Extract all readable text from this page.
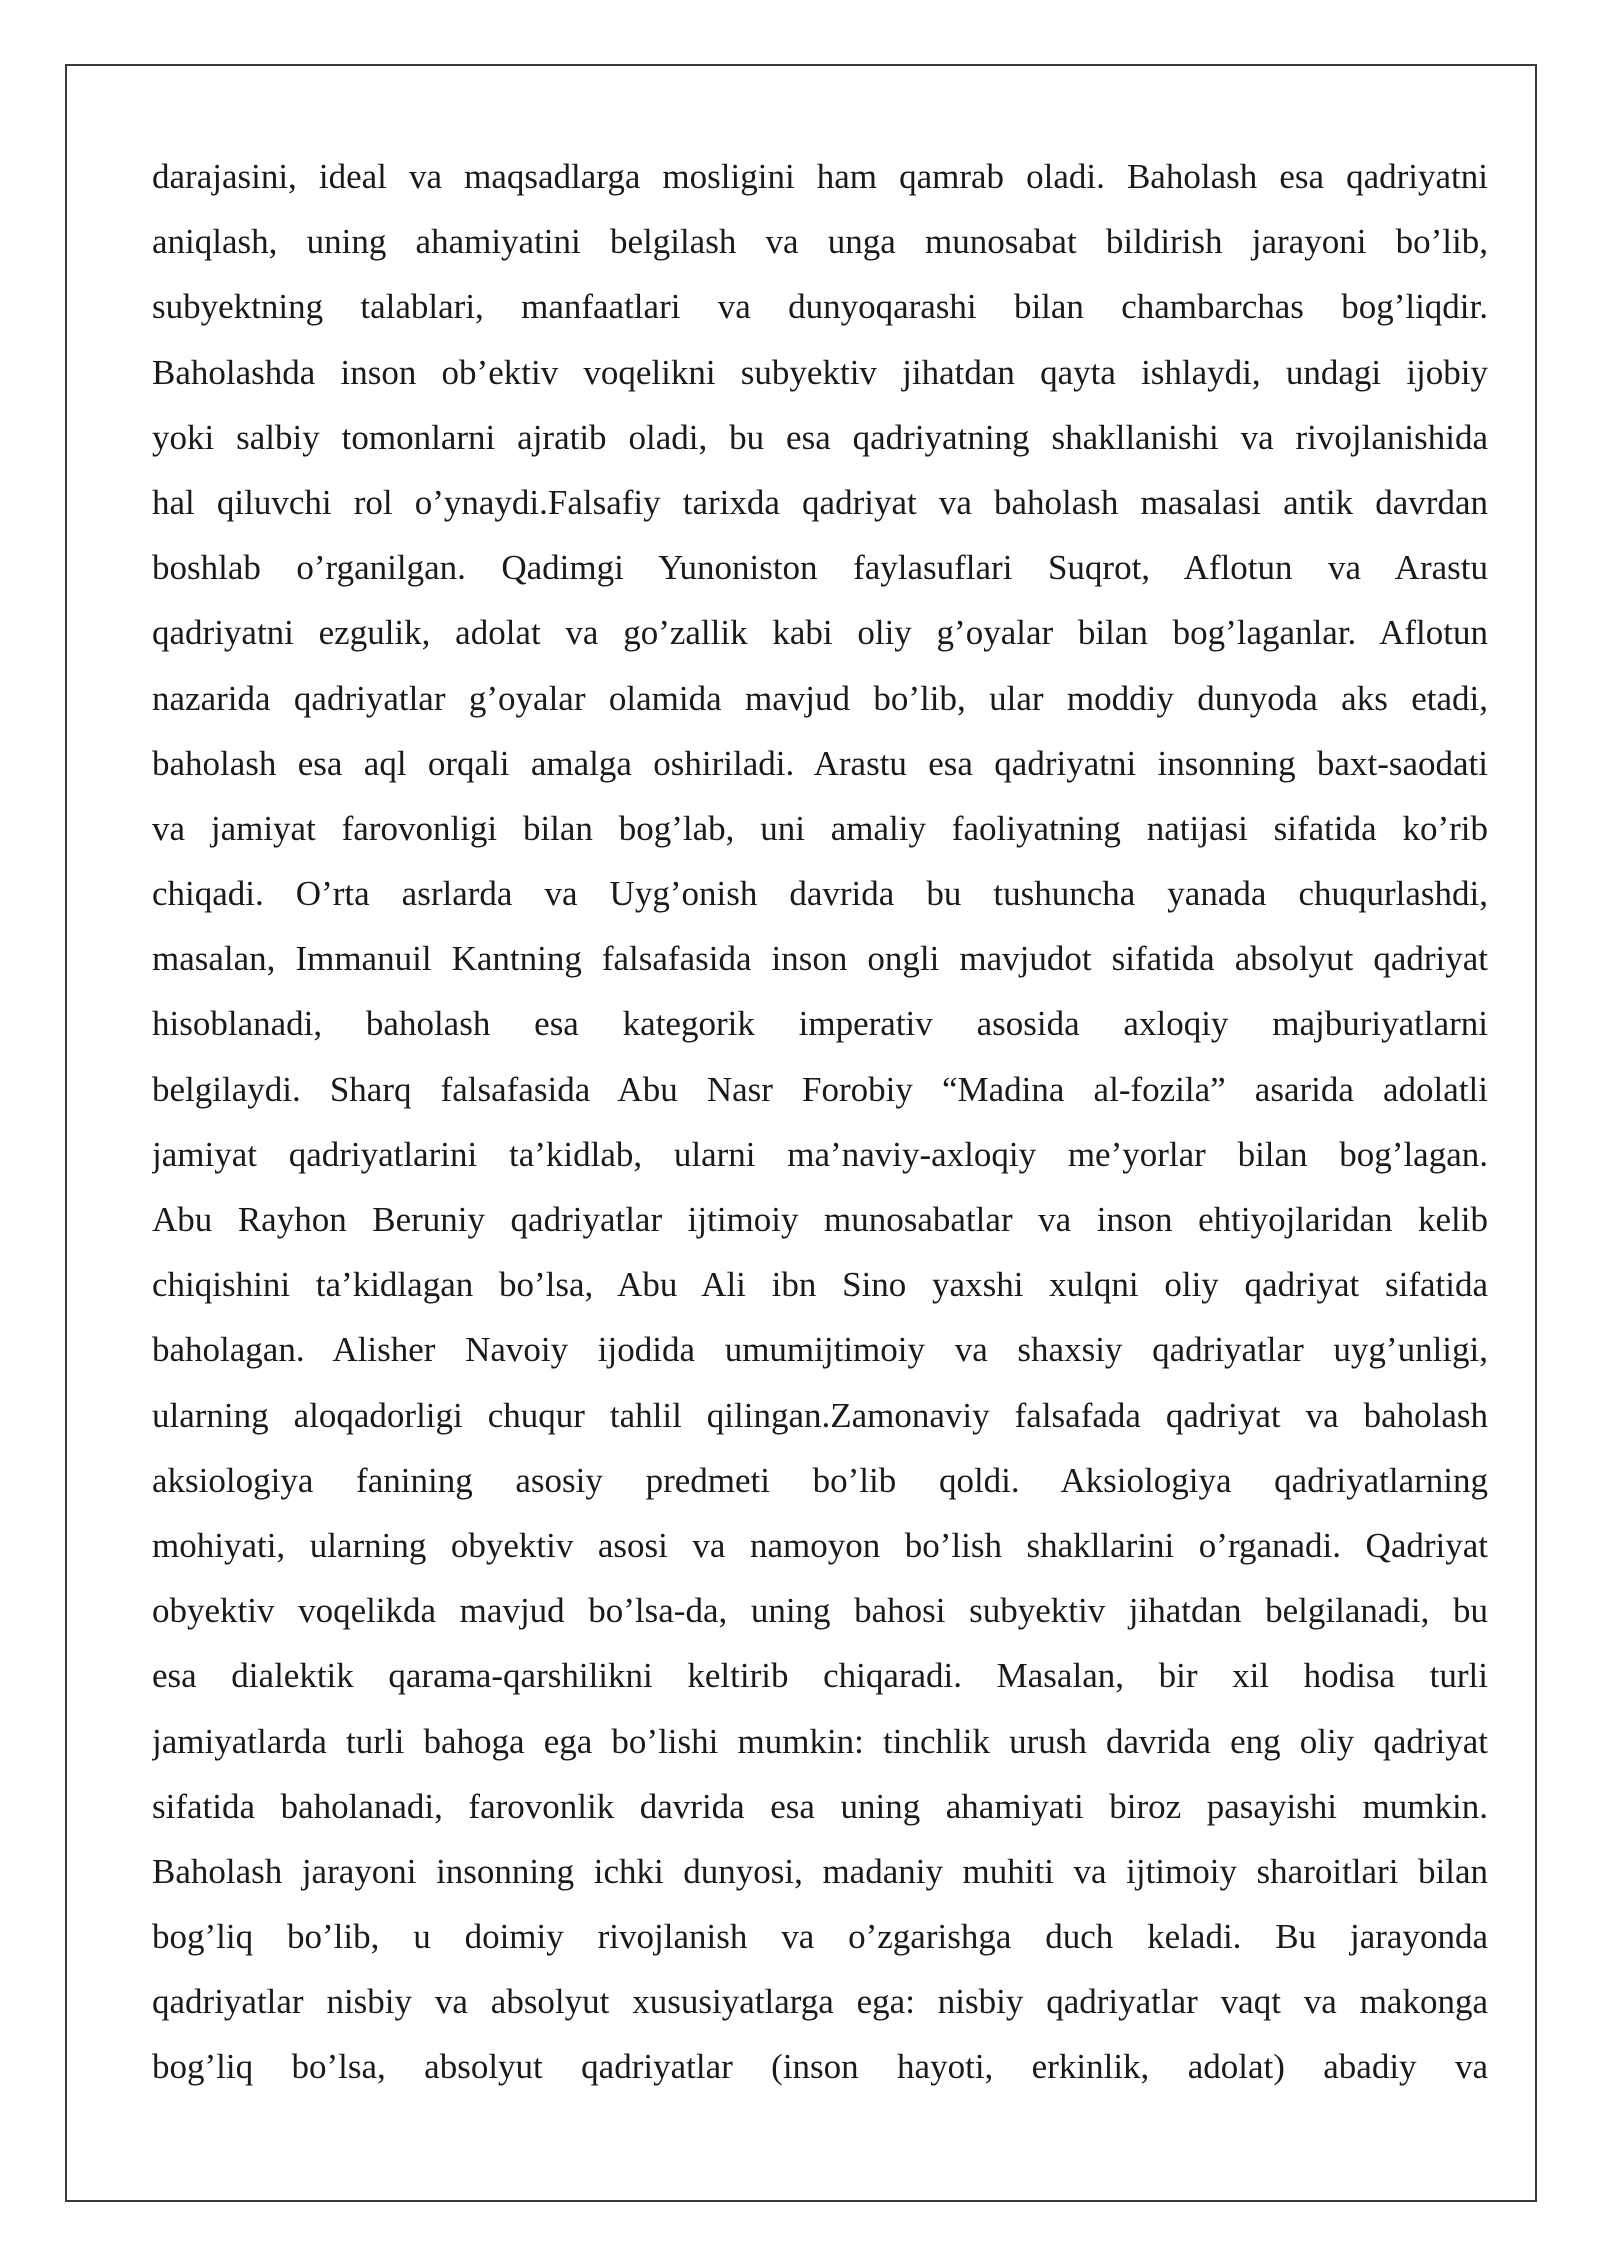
darajasini, ideal va maqsadlarga mosligini ham qamrab oladi. Baholash esa qadriyatni
aniqlash, uning ahamiyatini belgilash va unga munosabat bildirish jarayoni bo’lib,
subyektning talablari, manfaatlari va dunyoqarashi bilan chambarchas bog’liqdir.
Baholashda inson ob’ektiv voqelikni subyektiv jihatdan qayta ishlaydi, undagi ijobiy
yoki salbiy tomonlarni ajratib oladi, bu esa qadriyatning shakllanishi va rivojlanishida
hal qiluvchi rol o’ynaydi.Falsafiy tarixda qadriyat va baholash masalasi antik davrdan
boshlab o’rganilgan. Qadimgi Yunoniston faylasuflari Suqrot, Aflotun va Arastu
qadriyatni ezgulik, adolat va go’zallik kabi oliy g’oyalar bilan bog’laganlar. Aflotun
nazarida qadriyatlar g’oyalar olamida mavjud bo’lib, ular moddiy dunyoda aks etadi,
baholash esa aql orqali amalga oshiriladi. Arastu esa qadriyatni insonning baxt-saodati
va jamiyat farovonligi bilan bog’lab, uni amaliy faoliyatning natijasi sifatida ko’rib
chiqadi. O’rta asrlarda va Uyg’onish davrida bu tushuncha yanada chuqurlashdi,
masalan, Immanuil Kantning falsafasida inson ongli mavjudot sifatida absolyut qadriyat
hisoblanadi, baholash esa kategorik imperativ asosida axloqiy majburiyatlarni
belgilaydi. Sharq falsafasida Abu Nasr Forobiy “Madina al-fozila” asarida adolatli
jamiyat qadriyatlarini ta’kidlab, ularni ma’naviy-axloqiy me’yorlar bilan bog’lagan.
Abu Rayhon Beruniy qadriyatlar ijtimoiy munosabatlar va inson ehtiyojlaridan kelib
chiqishini ta’kidlagan bo’lsa, Abu Ali ibn Sino yaxshi xulqni oliy qadriyat sifatida
baholagan. Alisher Navoiy ijodida umumijtimoiy va shaxsiy qadriyatlar uyg’unligi,
ularning aloqadorligi chuqur tahlil qilingan.Zamonaviy falsafada qadriyat va baholash
aksiologiya fanining asosiy predmeti bo’lib qoldi. Aksiologiya qadriyatlarning
mohiyati, ularning obyektiv asosi va namoyon bo’lish shakllarini o’rganadi. Qadriyat
obyektiv voqelikda mavjud bo’lsa-da, uning bahosi subyektiv jihatdan belgilanadi, bu
esa dialektik qarama-qarshilikni keltirib chiqaradi. Masalan, bir xil hodisa turli
jamiyatlarda turli bahoga ega bo’lishi mumkin: tinchlik urush davrida eng oliy qadriyat
sifatida baholanadi, farovonlik davrida esa uning ahamiyati biroz pasayishi mumkin.
Baholash jarayoni insonning ichki dunyosi, madaniy muhiti va ijtimoiy sharoitlari bilan
bog’liq bo’lib, u doimiy rivojlanish va o’zgarishga duch keladi. Bu jarayonda
qadriyatlar nisbiy va absolyut xususiyatlarga ega: nisbiy qadriyatlar vaqt va makonga
bog’liq bo’lsa, absolyut qadriyatlar (inson hayoti, erkinlik, adolat) abadiy va
